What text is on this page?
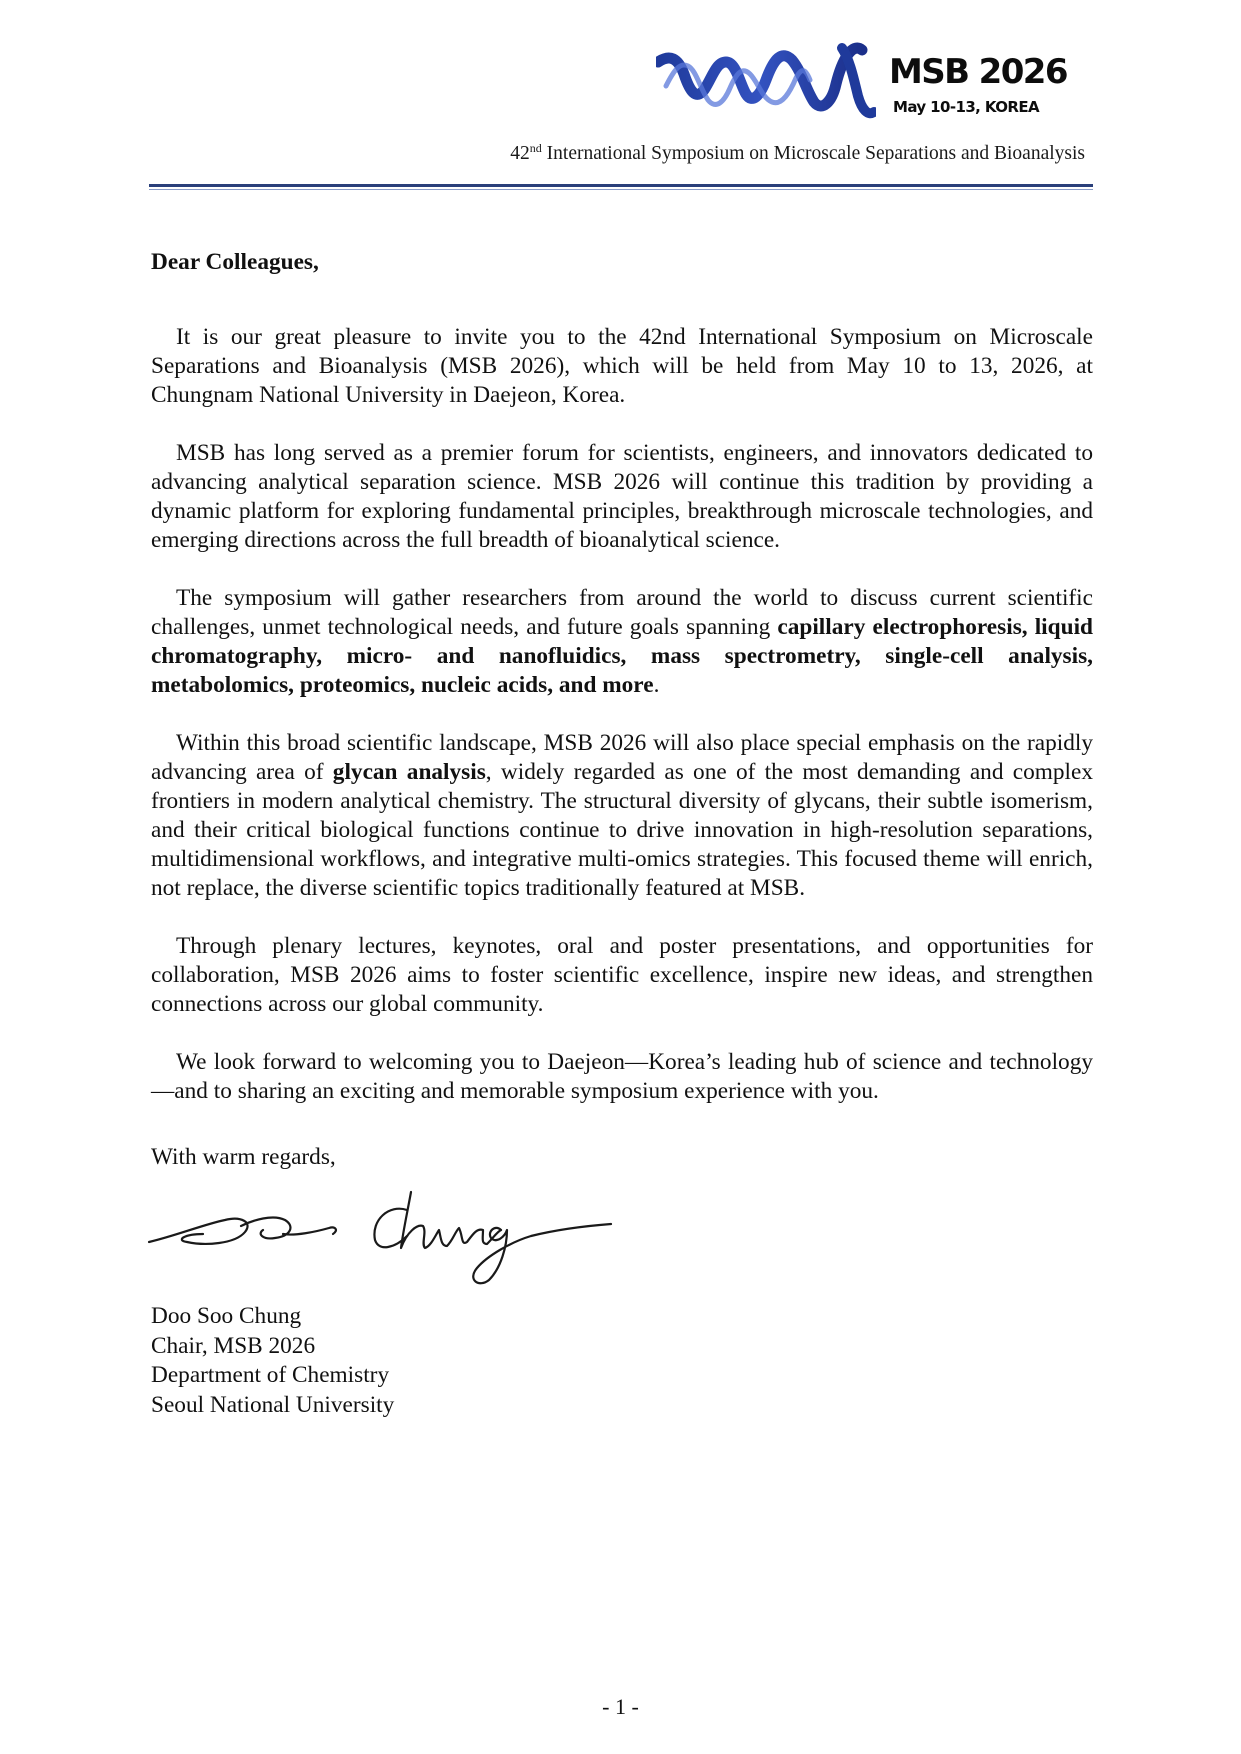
MSB 2026
May 10-13, KOREA
42nd International Symposium on Microscale Separations and Bioanalysis

Dear Colleagues,

It is our great pleasure to invite you to the 42nd International Symposium on Microscale Separations and Bioanalysis (MSB 2026), which will be held from May 10 to 13, 2026, at Chungnam National University in Daejeon, Korea.

MSB has long served as a premier forum for scientists, engineers, and innovators dedicated to advancing analytical separation science. MSB 2026 will continue this tradition by providing a dynamic platform for exploring fundamental principles, breakthrough microscale technologies, and emerging directions across the full breadth of bioanalytical science.

The symposium will gather researchers from around the world to discuss current scientific challenges, unmet technological needs, and future goals spanning capillary electrophoresis, liquid chromatography, micro- and nanofluidics, mass spectrometry, single-cell analysis, metabolomics, proteomics, nucleic acids, and more.

Within this broad scientific landscape, MSB 2026 will also place special emphasis on the rapidly advancing area of glycan analysis, widely regarded as one of the most demanding and complex frontiers in modern analytical chemistry. The structural diversity of glycans, their subtle isomerism, and their critical biological functions continue to drive innovation in high-resolution separations, multidimensional workflows, and integrative multi-omics strategies. This focused theme will enrich, not replace, the diverse scientific topics traditionally featured at MSB.

Through plenary lectures, keynotes, oral and poster presentations, and opportunities for collaboration, MSB 2026 aims to foster scientific excellence, inspire new ideas, and strengthen connections across our global community.

We look forward to welcoming you to Daejeon—Korea’s leading hub of science and technology—and to sharing an exciting and memorable symposium experience with you.

With warm regards,

Doo Soo Chung

Chair, MSB 2026

Department of Chemistry

Seoul National University

- 1 -
